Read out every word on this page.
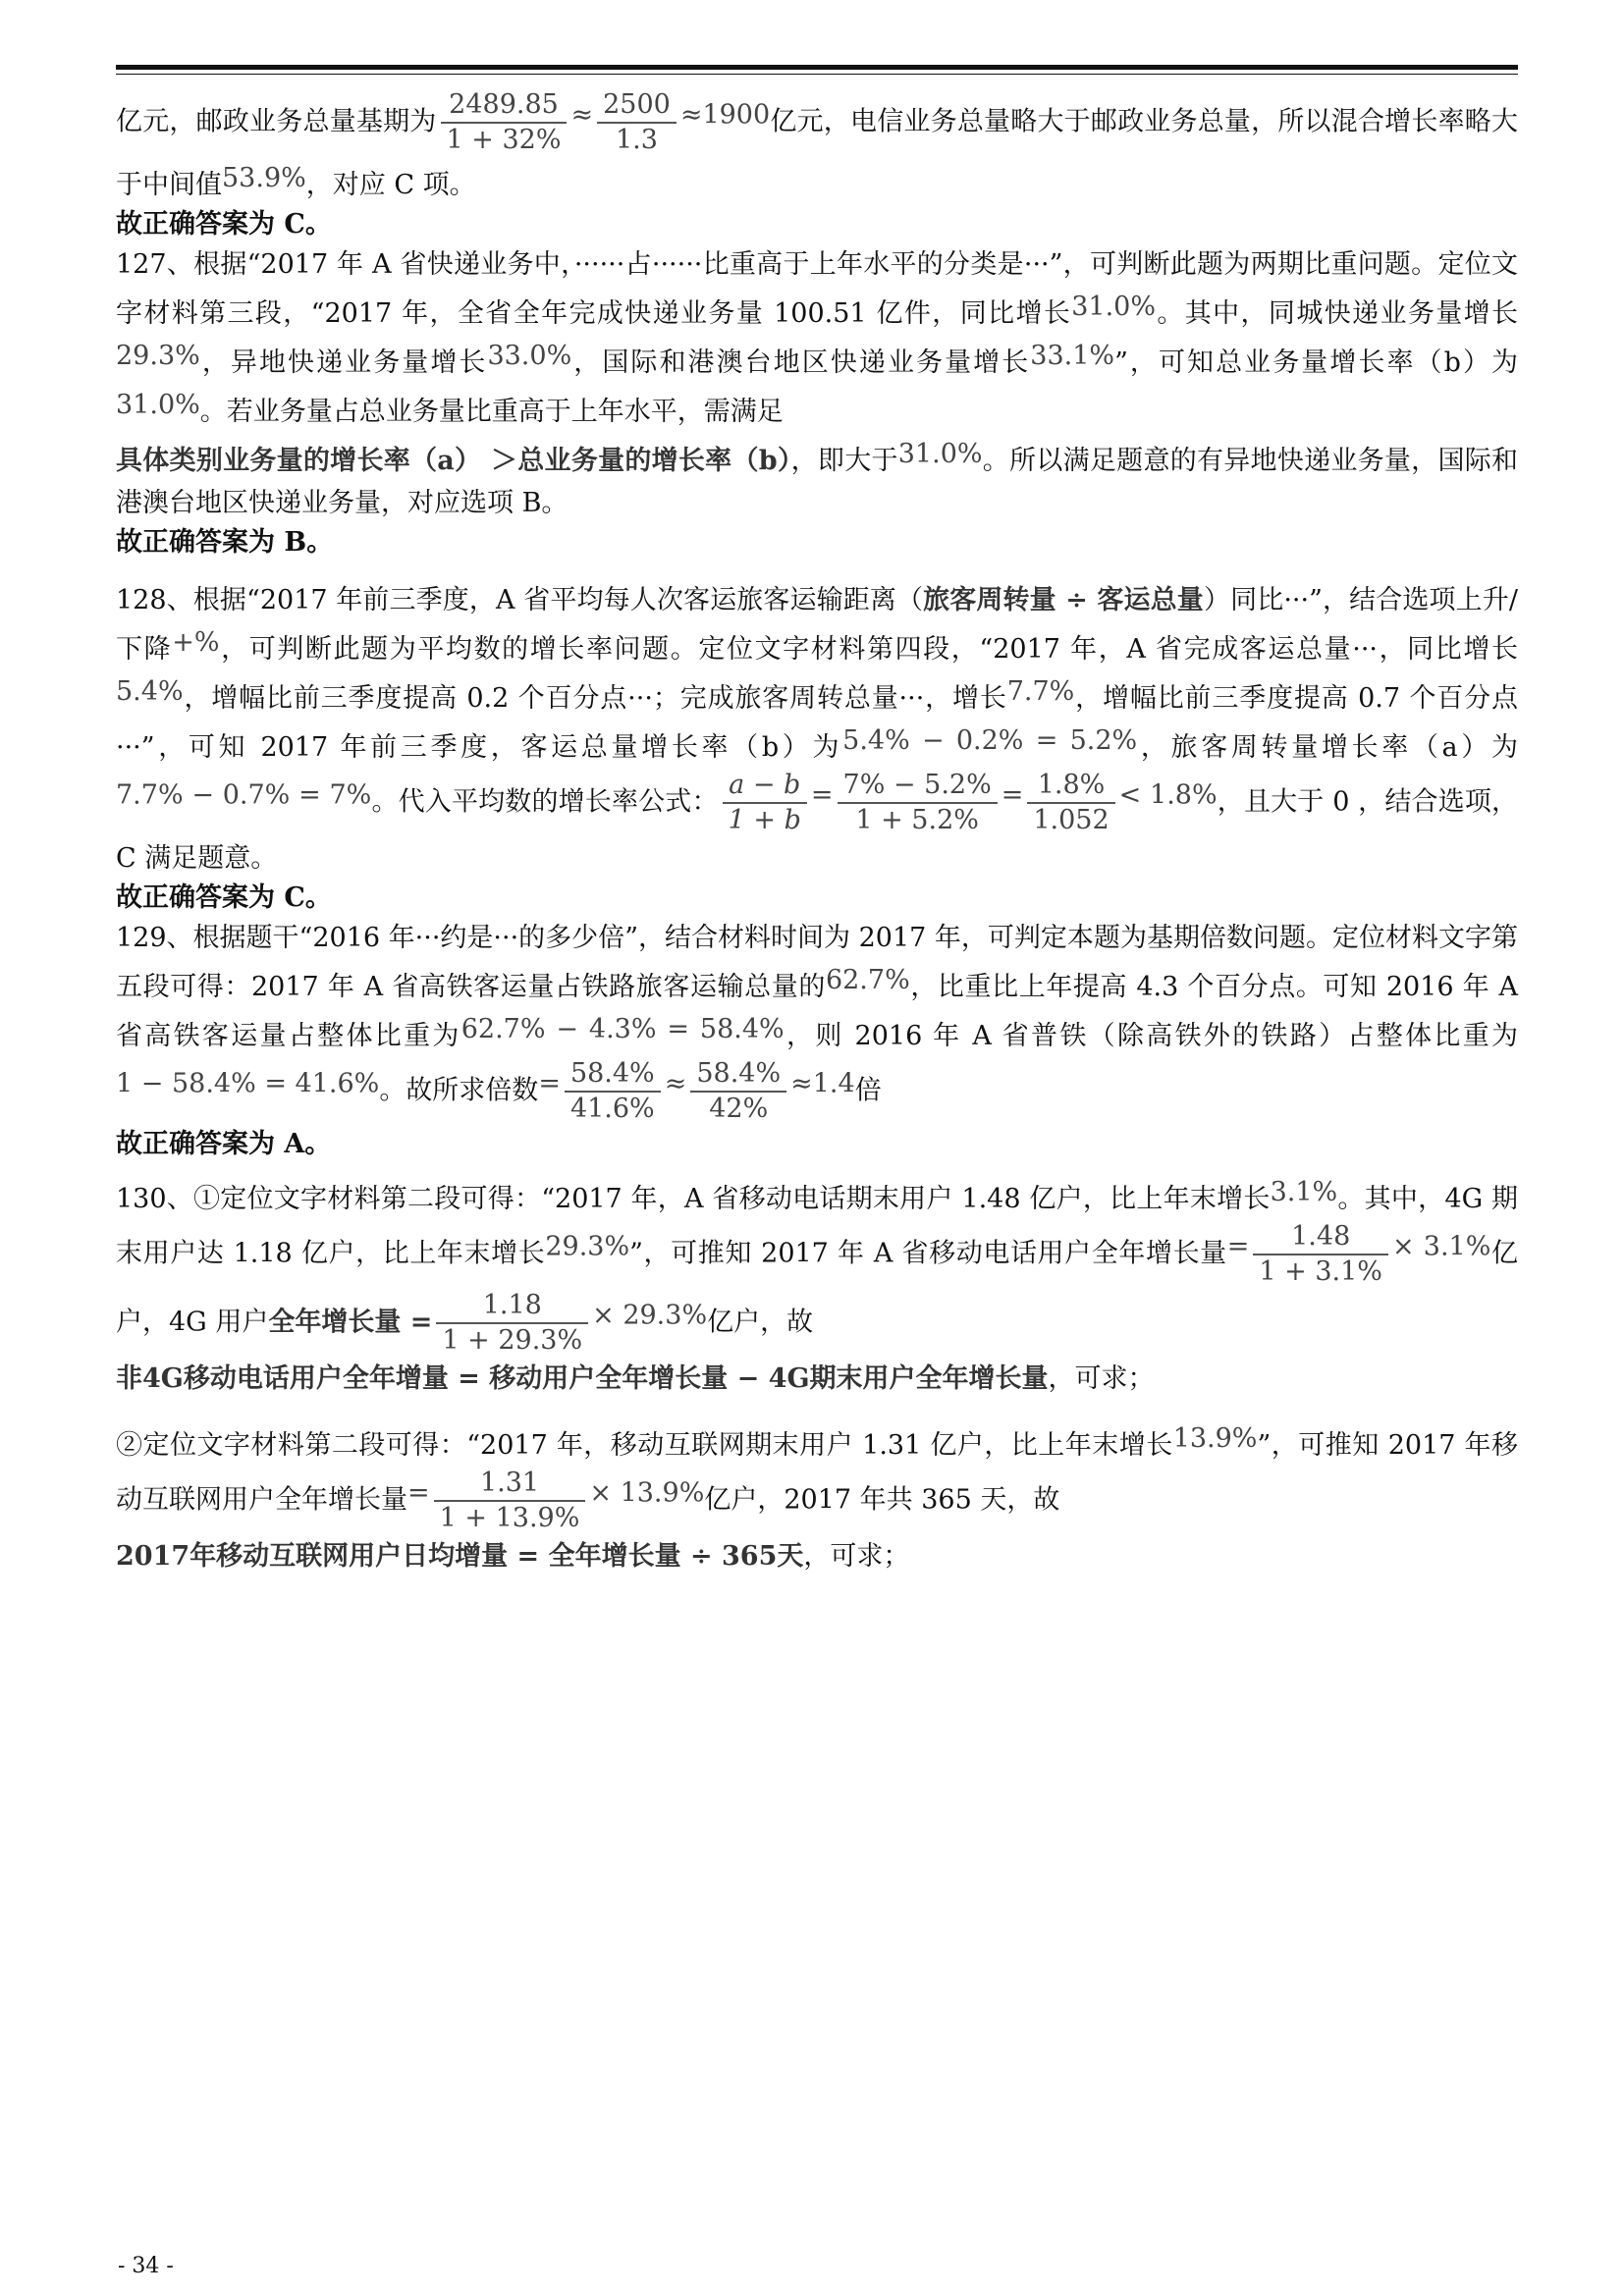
亿元，邮政业务总量基期为 $\frac{2489.85}{1 + 32\%} \approx \frac{2500}{1.3} \approx 1900$亿元，电信业务总量略大于邮政业务总量，所以混合增长率略大于中间值53.9%，对应 C 项。

故正确答案为 C。

127、根据“2017 年 A 省快递业务中，······占······比重高于上年水平的分类是···”，可判断此题为两期比重问题。定位文字材料第三段，“2017 年，全省全年完成快递业务量 100.51 亿件，同比增长31.0%。其中，同城快递业务量增长29.3%，异地快递业务量增长33.0%，国际和港澳台地区快递业务量增长33.1%”，可知总业务量增长率（b）为31.0%。若业务量占总业务量比重高于上年水平，需满足

具体类别业务量的增长率（a） ＞总业务量的增长率（b），即大于31.0%。所以满足题意的有异地快递业务量，国际和港澳台地区快递业务量，对应选项 B。

故正确答案为 B。

128、根据“2017 年前三季度，A 省平均每人次客运旅客运输距离（旅客周转量 ÷ 客运总量）同比···”，结合选项上升/下降+%，可判断此题为平均数的增长率问题。定位文字材料第四段，“2017 年，A 省完成客运总量···，同比增长5.4%，增幅比前三季度提高 0.2 个百分点···；完成旅客周转总量···，增长7.7%，增幅比前三季度提高 0.7 个百分点···”，可知 2017 年前三季度，客运总量增长率（b）为5.4% − 0.2% = 5.2%，旅客周转量增长率（a）为7.7% − 0.7% = 7%。代入平均数的增长率公式： $\frac{a - b}{1 + b} = \frac{7\% - 5.2\%}{1 + 5.2\%} = \frac{1.8\%}{1.052} < 1.8\%$，且大于 0 ，结合选项，C 满足题意。

故正确答案为 C。

129、根据题干“2016 年···约是···的多少倍”，结合材料时间为 2017 年，可判定本题为基期倍数问题。定位材料文字第五段可得：2017 年 A 省高铁客运量占铁路旅客运输总量的62.7%，比重比上年提高 4.3 个百分点。可知 2016 年 A 省高铁客运量占整体比重为62.7% − 4.3% = 58.4%，则 2016 年 A 省普铁（除高铁外的铁路）占整体比重为1 − 58.4% = 41.6%。故所求倍数= $\frac{58.4\%}{41.6\%} \approx \frac{58.4\%}{42\%} \approx 1.4$倍

故正确答案为 A。

130、①定位文字材料第二段可得：“2017 年，A 省移动电话期末用户 1.48 亿户，比上年末增长3.1%。其中，4G 期末用户达 1.18 亿户，比上年末增长29.3%”，可推知 2017 年 A 省移动电话用户全年增长量= $\frac{1.48}{1 + 3.1\%} \times 3.1\%$亿户，4G 用户全年增长量 = $\frac{1.18}{1 + 29.3\%} \times 29.3\%$亿户，故

非4G移动电话用户全年增量 = 移动用户全年增长量 − 4G期末用户全年增长量，可求；

②定位文字材料第二段可得：“2017 年，移动互联网期末用户 1.31 亿户，比上年末增长13.9%”，可推知 2017 年移动互联网用户全年增长量= $\frac{1.31}{1 + 13.9\%} \times 13.9\%$亿户，2017 年共 365 天，故

2017年移动互联网用户日均增量 = 全年增长量 ÷ 365天，可求；

- 34 -
